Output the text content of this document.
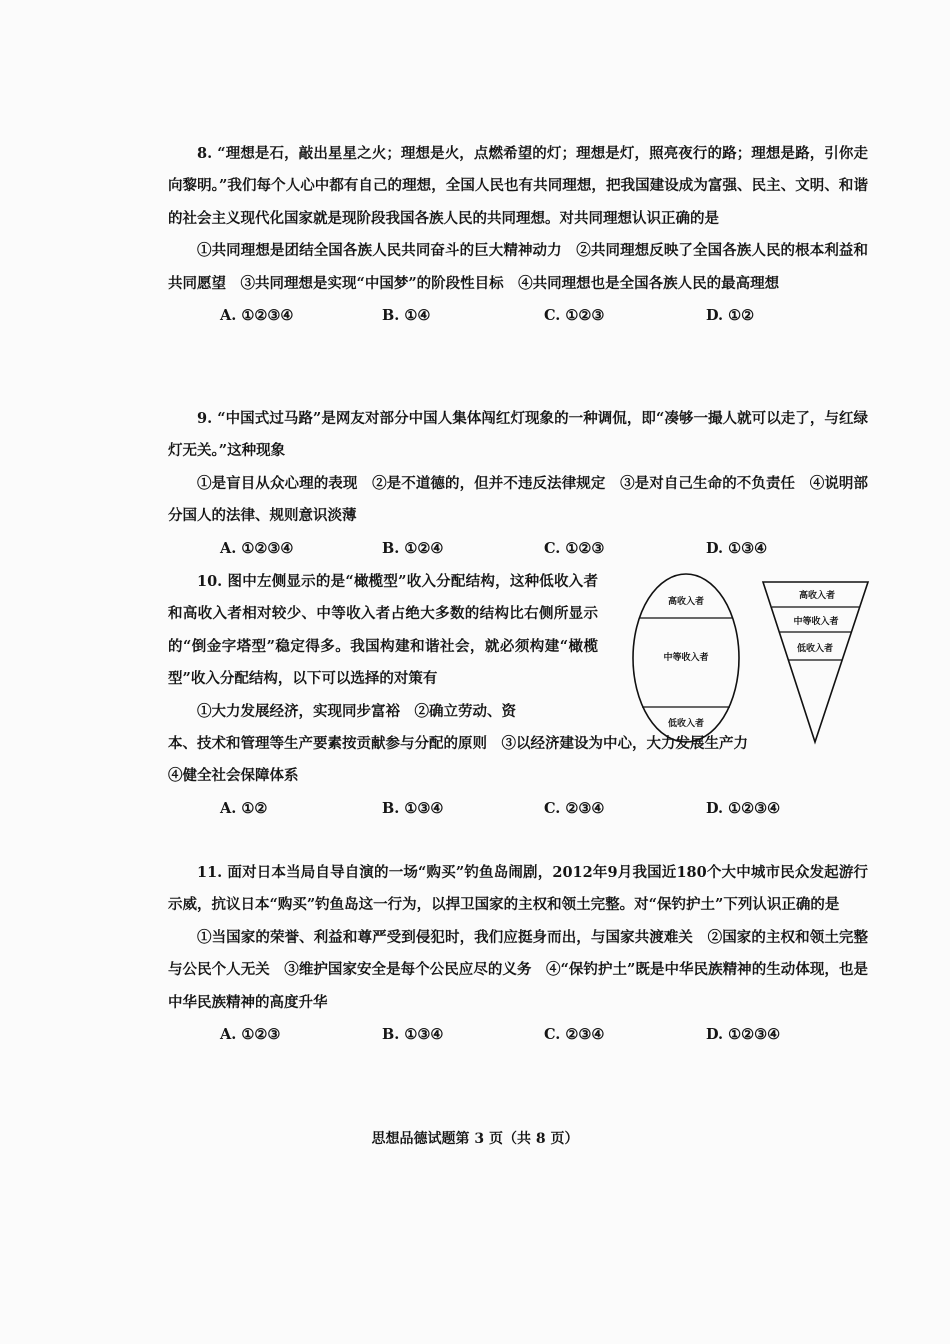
8. “理想是石，敲出星星之火；理想是火，点燃希望的灯；理想是灯，照亮夜行的路；理想是路，引你走向黎明。”我们每个人心中都有自己的理想，全国人民也有共同理想，把我国建设成为富强、民主、文明、和谐的社会主义现代化国家就是现阶段我国各族人民的共同理想。对共同理想认识正确的是

①共同理想是团结全国各族人民共同奋斗的巨大精神动力　②共同理想反映了全国各族人民的根本利益和共同愿望　③共同理想是实现“中国梦”的阶段性目标　④共同理想也是全国各族人民的最高理想

A. ①②③④	B. ①④	C. ①②③	D. ①②

9. “中国式过马路”是网友对部分中国人集体闯红灯现象的一种调侃，即“凑够一撮人就可以走了，与红绿灯无关。”这种现象

①是盲目从众心理的表现　②是不道德的，但并不违反法律规定　③是对自己生命的不负责任　④说明部分国人的法律、规则意识淡薄

A. ①②③④	B. ①②④	C. ①②③	D. ①③④

10. 图中左侧显示的是“橄榄型”收入分配结构，这种低收入者和高收入者相对较少、中等收入者占绝大多数的结构比右侧所显示的“倒金字塔型”稳定得多。我国构建和谐社会，就必须构建“橄榄型”收入分配结构，以下可以选择的对策有

①大力发展经济，实现同步富裕　②确立劳动、资

本、技术和管理等生产要素按贡献参与分配的原则　③以经济建设为中心，大力发展生产力

④健全社会保障体系

A. ①②	B. ①③④	C. ②③④	D. ①②③④
高收入者
中等收入者
低收入者
高收入者
中等收入者
低收入者

11. 面对日本当局自导自演的一场“购买”钓鱼岛闹剧，2012年9月我国近180个大中城市民众发起游行示威，抗议日本“购买”钓鱼岛这一行为，以捍卫国家的主权和领土完整。对“保钓护土”下列认识正确的是

①当国家的荣誉、利益和尊严受到侵犯时，我们应挺身而出，与国家共渡难关　②国家的主权和领土完整与公民个人无关　③维护国家安全是每个公民应尽的义务　④“保钓护土”既是中华民族精神的生动体现，也是中华民族精神的高度升华

A. ①②③	B. ①③④	C. ②③④	D. ①②③④
思想品德试题第 3 页（共 8 页）
